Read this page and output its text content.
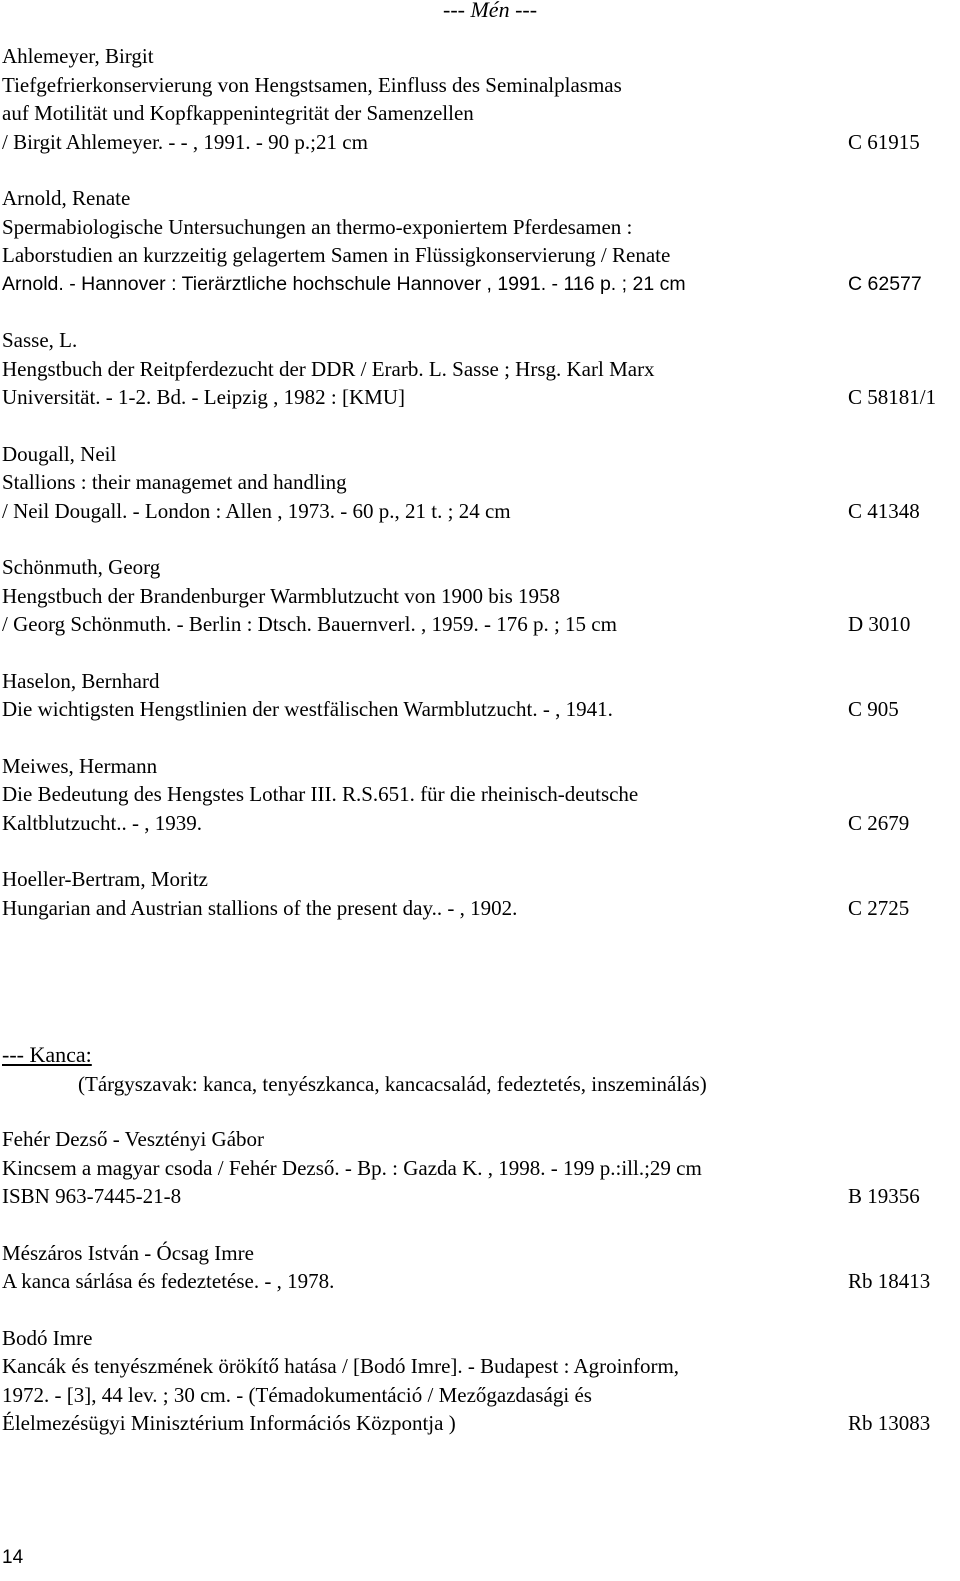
--- Mén ---
Ahlemeyer, Birgit
Tiefgefrierkonservierung von Hengstsamen, Einfluss des Seminalplasmas
auf Motilität und Kopfkappenintegrität der Samenzellen
/ Birgit Ahlemeyer. - - , 1991. - 90 p.;21 cm	C 61915
Arnold, Renate
Spermabiologische Untersuchungen an thermo-exponiertem Pferdesamen :
Laborstudien an kurzzeitig gelagertem Samen in Flüssigkonservierung / Renate
Arnold. - Hannover : Tierärztliche hochschule Hannover , 1991. - 116 p. ; 21 cm	C 62577
Sasse, L.
Hengstbuch der Reitpferdezucht der DDR / Erarb. L. Sasse ; Hrsg. Karl Marx
Universität. - 1-2. Bd. - Leipzig , 1982 : [KMU]	C 58181/1
Dougall, Neil
Stallions : their managemet and handling
/ Neil Dougall. - London : Allen , 1973. - 60 p., 21 t. ; 24 cm	C 41348
Schönmuth, Georg
Hengstbuch der Brandenburger Warmblutzucht von 1900 bis 1958
/ Georg Schönmuth. - Berlin : Dtsch. Bauernverl. , 1959. - 176 p. ; 15 cm	D 3010
Haselon, Bernhard
Die wichtigsten Hengstlinien der westfälischen Warmblutzucht. - , 1941.	C 905
Meiwes, Hermann
Die Bedeutung des Hengstes Lothar III. R.S.651. für die rheinisch-deutsche
Kaltblutzucht.. - , 1939.	C 2679
Hoeller-Bertram, Moritz
Hungarian and Austrian stallions of the present day.. - , 1902.	C 2725
--- Kanca:
(Tárgyszavak: kanca, tenyészkanca, kancacsalád, fedeztetés, inszeminálás)
Fehér Dezső - Vesztényi Gábor
Kincsem a magyar csoda / Fehér Dezső. - Bp. : Gazda K. , 1998. - 199 p.:ill.;29 cm
ISBN 963-7445-21-8	B 19356
Mészáros István - Ócsag Imre
A kanca sárlása és fedeztetése. - , 1978.	Rb 18413
Bodó Imre
Kancák és tenyészmének örökítő hatása / [Bodó Imre]. - Budapest : Agroinform,
1972. - [3], 44 lev. ; 30 cm. - (Témadokumentáció / Mezőgazdasági és
Élelmezésügyi Minisztérium Információs Központja )	Rb 13083
14
